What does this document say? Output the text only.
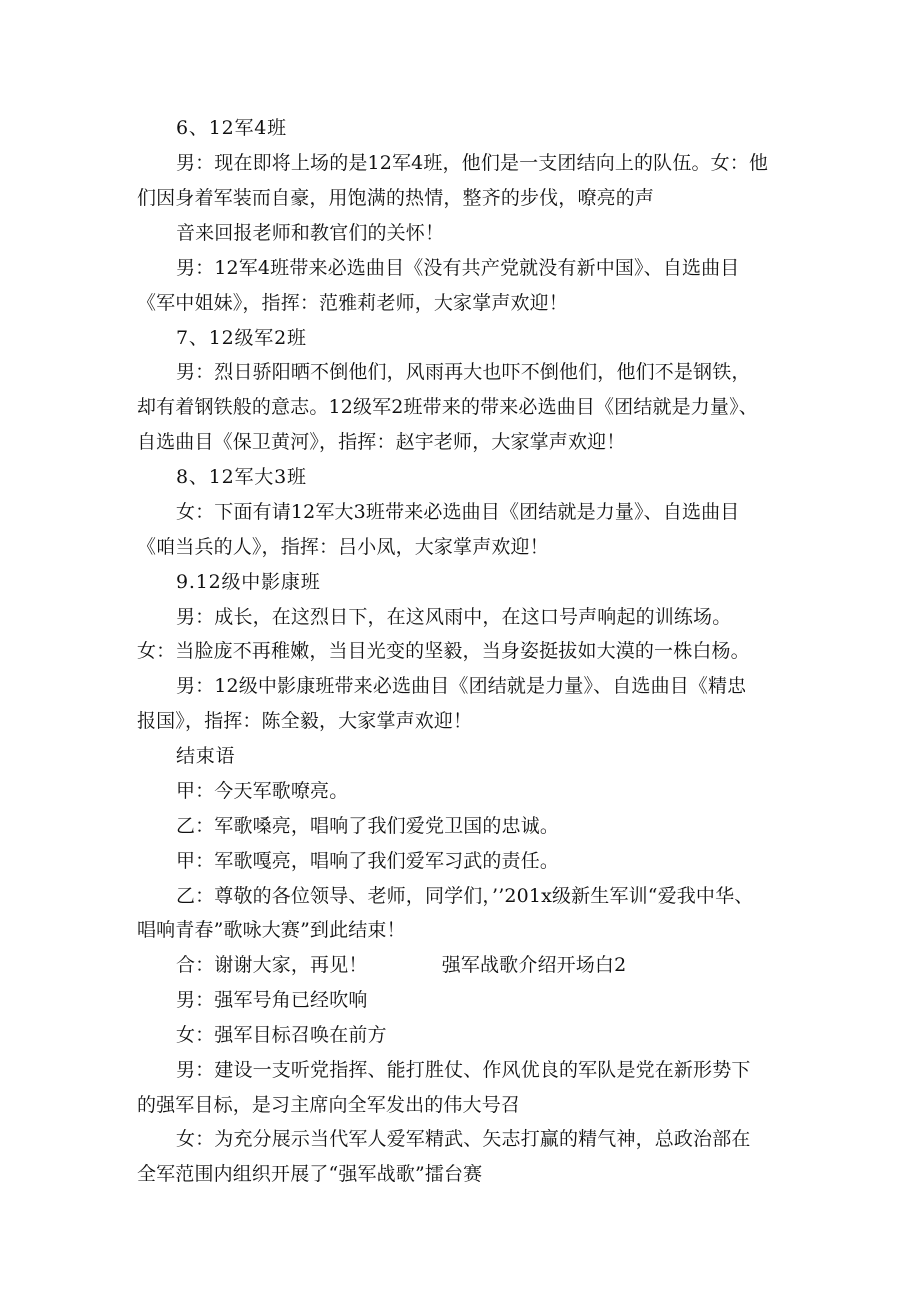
6、12军4班
男：现在即将上场的是12军4班，他们是一支团结向上的队伍。女：他
们因身着军装而自豪，用饱满的热情，整齐的步伐，嘹亮的声
音来回报老师和教官们的关怀！
男：12军4班带来必选曲目《没有共产党就没有新中国》、自选曲目
《军中姐妹》，指挥：范雅莉老师，大家掌声欢迎！
7、12级军2班
男：烈日骄阳晒不倒他们，风雨再大也吓不倒他们，他们不是钢铁，
却有着钢铁般的意志。12级军2班带来的带来必选曲目《团结就是力量》、
自选曲目《保卫黄河》，指挥：赵宇老师，大家掌声欢迎！
8、12军大3班
女：下面有请12军大3班带来必选曲目《团结就是力量》、自选曲目
《咱当兵的人》，指挥：吕小凤，大家掌声欢迎！
9.12级中影康班
男：成长，在这烈日下，在这风雨中，在这口号声响起的训练场。
女：当脸庞不再稚嫩，当目光变的坚毅，当身姿挺拔如大漠的一株白杨。
男：12级中影康班带来必选曲目《团结就是力量》、自选曲目《精忠
报国》，指挥：陈全毅，大家掌声欢迎！
结束语
甲：今天军歌嘹亮。
乙：军歌嗓亮，唱响了我们爱党卫国的忠诚。
甲：军歌嘎亮，唱响了我们爱军习武的责任。
乙：尊敬的各位领导、老师，同学们，’’201x级新生军训“爱我中华、
唱响青春”歌咏大赛”到此结束！
合：谢谢大家，再见！	强军战歌介绍开场白2
男：强军号角已经吹响
女：强军目标召唤在前方
男：建设一支听党指挥、能打胜仗、作风优良的军队是党在新形势下
的强军目标，是习主席向全军发出的伟大号召
女：为充分展示当代军人爱军精武、矢志打赢的精气神，总政治部在
全军范围内组织开展了“强军战歌”擂台赛
